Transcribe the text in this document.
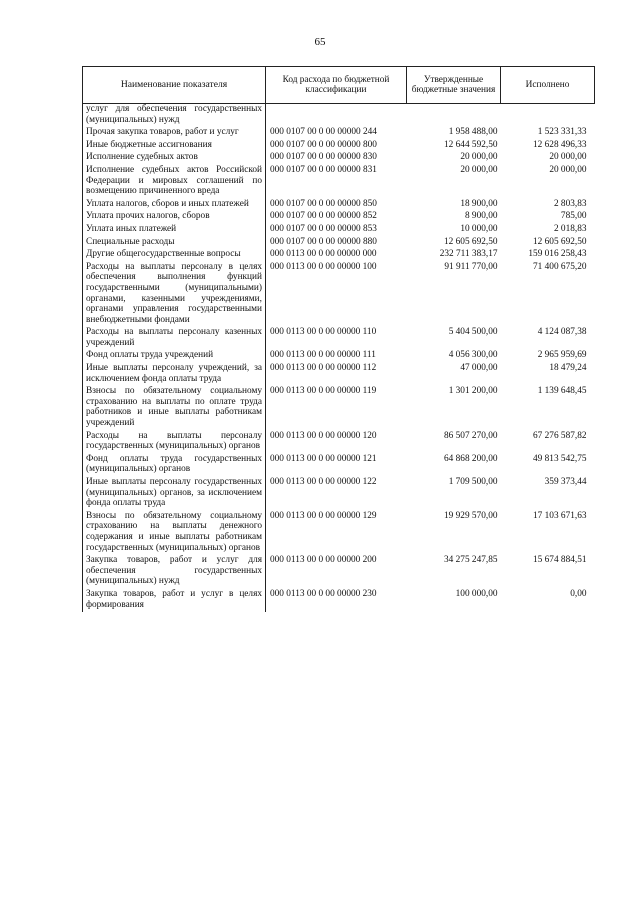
65
Наименование показателя	Код расхода по бюджетной классификации	Утвержденные бюджетные значения	Исполнено
услуг для обеспечения государственных (муниципальных) нужд			
Прочая закупка товаров, работ и услуг	000 0107 00 0 00 00000 244	1 958 488,00	1 523 331,33
Иные бюджетные ассигнования	000 0107 00 0 00 00000 800	12 644 592,50	12 628 496,33
Исполнение судебных актов	000 0107 00 0 00 00000 830	20 000,00	20 000,00
Исполнение судебных актов Российской Федерации и мировых соглашений по возмещению причиненного вреда	000 0107 00 0 00 00000 831	20 000,00	20 000,00
Уплата налогов, сборов и иных платежей	000 0107 00 0 00 00000 850	18 900,00	2 803,83
Уплата прочих налогов, сборов	000 0107 00 0 00 00000 852	8 900,00	785,00
Уплата иных платежей	000 0107 00 0 00 00000 853	10 000,00	2 018,83
Специальные расходы	000 0107 00 0 00 00000 880	12 605 692,50	12 605 692,50
Другие общегосударственные вопросы	000 0113 00 0 00 00000 000	232 711 383,17	159 016 258,43
Расходы на выплаты персоналу в целях обеспечения выполнения функций государственными (муниципальными) органами, казенными учреждениями, органами управления государственными внебюджетными фондами	000 0113 00 0 00 00000 100	91 911 770,00	71 400 675,20
Расходы на выплаты персоналу казенных учреждений	000 0113 00 0 00 00000 110	5 404 500,00	4 124 087,38
Фонд оплаты труда учреждений	000 0113 00 0 00 00000 111	4 056 300,00	2 965 959,69
Иные выплаты персоналу учреждений, за исключением фонда оплаты труда	000 0113 00 0 00 00000 112	47 000,00	18 479,24
Взносы по обязательному социальному страхованию на выплаты по оплате труда работников и иные выплаты работникам учреждений	000 0113 00 0 00 00000 119	1 301 200,00	1 139 648,45
Расходы на выплаты персоналу государственных (муниципальных) органов	000 0113 00 0 00 00000 120	86 507 270,00	67 276 587,82
Фонд оплаты труда государственных (муниципальных) органов	000 0113 00 0 00 00000 121	64 868 200,00	49 813 542,75
Иные выплаты персоналу государственных (муниципальных) органов, за исключением фонда оплаты труда	000 0113 00 0 00 00000 122	1 709 500,00	359 373,44
Взносы по обязательному социальному страхованию на выплаты денежного содержания и иные выплаты работникам государственных (муниципальных) органов	000 0113 00 0 00 00000 129	19 929 570,00	17 103 671,63
Закупка товаров, работ и услуг для обеспечения государственных (муниципальных) нужд	000 0113 00 0 00 00000 200	34 275 247,85	15 674 884,51
Закупка товаров, работ и услуг в целях формирования	000 0113 00 0 00 00000 230	100 000,00	0,00
